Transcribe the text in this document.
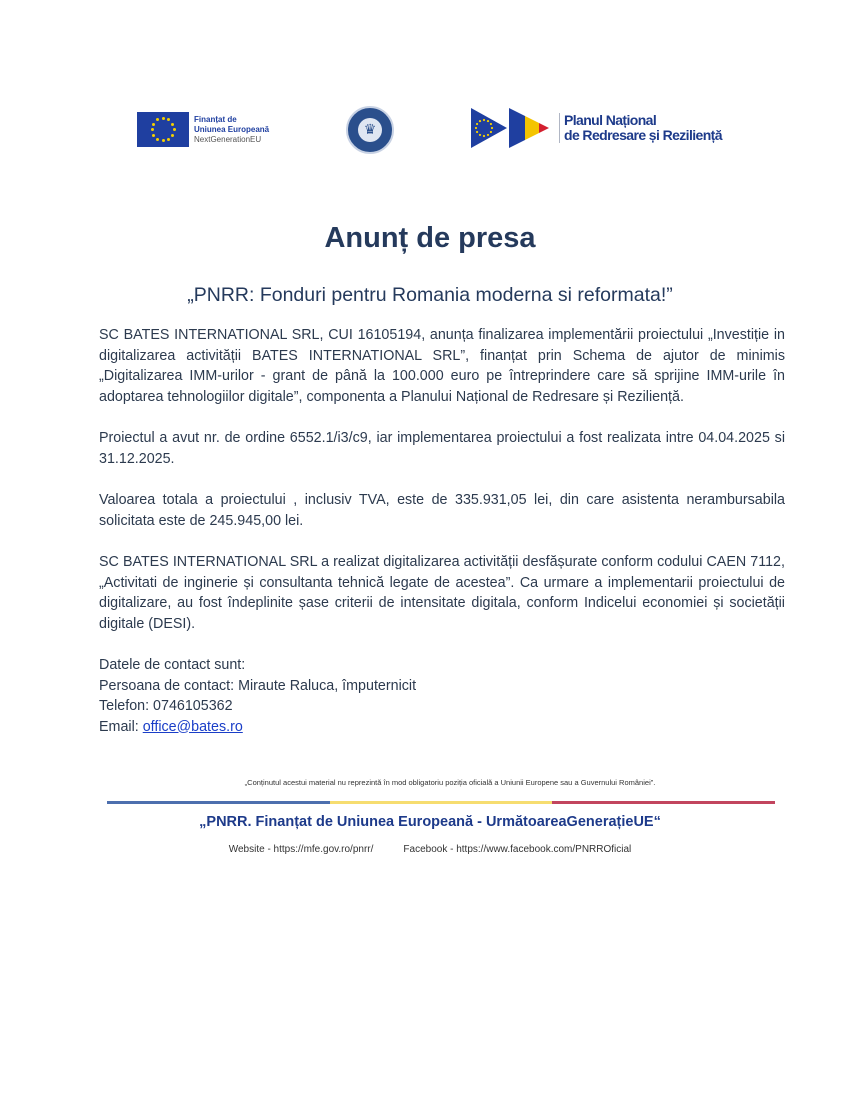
Finanțat de
Uniunea Europeană
NextGenerationEU
♛
Planul Național
de Redresare și Reziliență
Anunț de presa
„PNRR: Fonduri pentru Romania moderna si reformata!”

SC BATES INTERNATIONAL SRL, CUI 16105194, anunța finalizarea implementării proiectului „Investiție in digitalizarea activității BATES INTERNATIONAL SRL”, finanțat prin Schema de ajutor de minimis „Digitalizarea IMM-urilor - grant de până la 100.000 euro pe întreprindere care să sprijine IMM-urile în adoptarea tehnologiilor digitale”, componenta a Planului Național de Redresare și Reziliență.

Proiectul a avut nr. de ordine 6552.1/i3/c9, iar implementarea proiectului a fost realizata intre 04.04.2025 si 31.12.2025.

Valoarea totala a proiectului , inclusiv TVA, este de 335.931,05 lei, din care asistenta nerambursabila solicitata este de 245.945,00 lei.

SC BATES INTERNATIONAL SRL a realizat digitalizarea activității desfășurate conform codului CAEN 7112, „Activitati de inginerie și consultanta tehnică legate de acestea”. Ca urmare a implementarii proiectului de digitalizare, au fost îndeplinite șase criterii de intensitate digitala, conform Indicelui economiei și societății digitale (DESI).

Datele de contact sunt:
Persoana de contact: Miraute Raluca, împuternicit
Telefon: 0746105362
Email: office@bates.ro
„Conținutul acestui material nu reprezintă în mod obligatoriu poziția oficială a Uniunii Europene sau a Guvernului României”.
„PNRR. Finanțat de Uniunea Europeană - UrmătoareaGenerațieUE“
Website - https://mfe.gov.ro/pnrr/	Facebook - https://www.facebook.com/PNRROficial
